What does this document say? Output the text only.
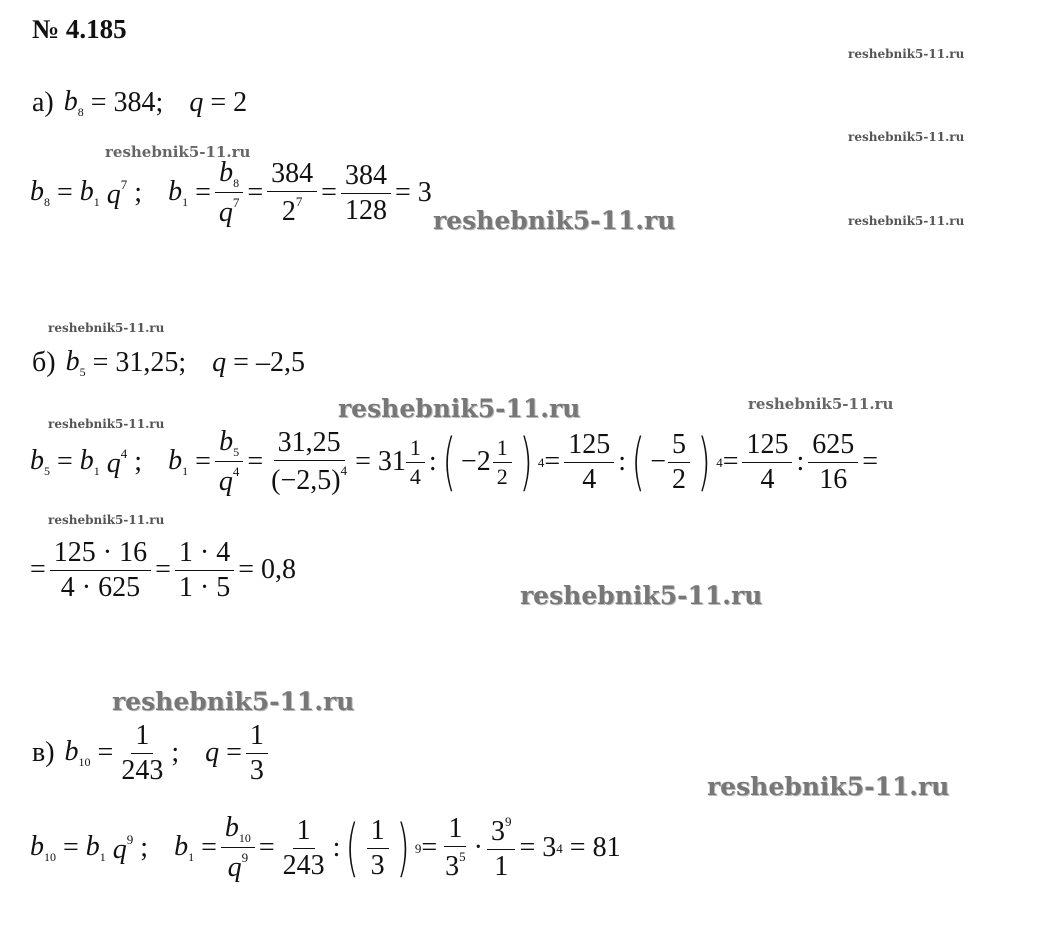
№ 4.185
reshebnik5-11.ru
reshebnik5-11.ru
reshebnik5-11.ru
reshebnik5-11.ru
reshebnik5-11.ru
reshebnik5-11.ru
reshebnik5-11.ru	reshebnik5-11.ru
reshebnik5-11.ru
reshebnik5-11.ru
reshebnik5-11.ru
reshebnik5-11.ru
reshebnik5-11.ru
а) $b_8$
= 384; q
= 2
$b_8$
=
$b_1$
$q^7$
; $b_1$
= $\frac{b_8}{q^7} = \frac{384}{2^7} = \frac{384}{128} = 3$
б) $b_5$
= 31,25; q
= –2,5
$b_5$
=
$b_1$
$q^4$
; $b_1$
= $\frac{b_5}{q^4} = \frac{31,25}{(-2,5)^4} = 31 \frac{1}{4}$ : ( $-2 \frac{1}{2}$ ) $4 = \frac{125}{4}$ : ( − $\frac{5}{2}$ ) $4 = \frac{125}{4}$ : $\frac{625}{16}$ =
= $\frac{125 \cdot 16}{4 \cdot 625} = \frac{1 \cdot 4}{1 \cdot 5} = 0,8$
в) $b_{10}$
= $\frac{1}{243}$ ; q
= $\frac{1}{3}$
$b_{10}$
=
$b_1$
$q^9$
; $b_1$
= $\frac{b_{10}}{q^9} = \frac{1}{243}$ : ( $\frac{1}{3}$ ) $9 = \frac{1}{3^5} \cdot \frac{3^9}{1} = 3$ 4
= 81
